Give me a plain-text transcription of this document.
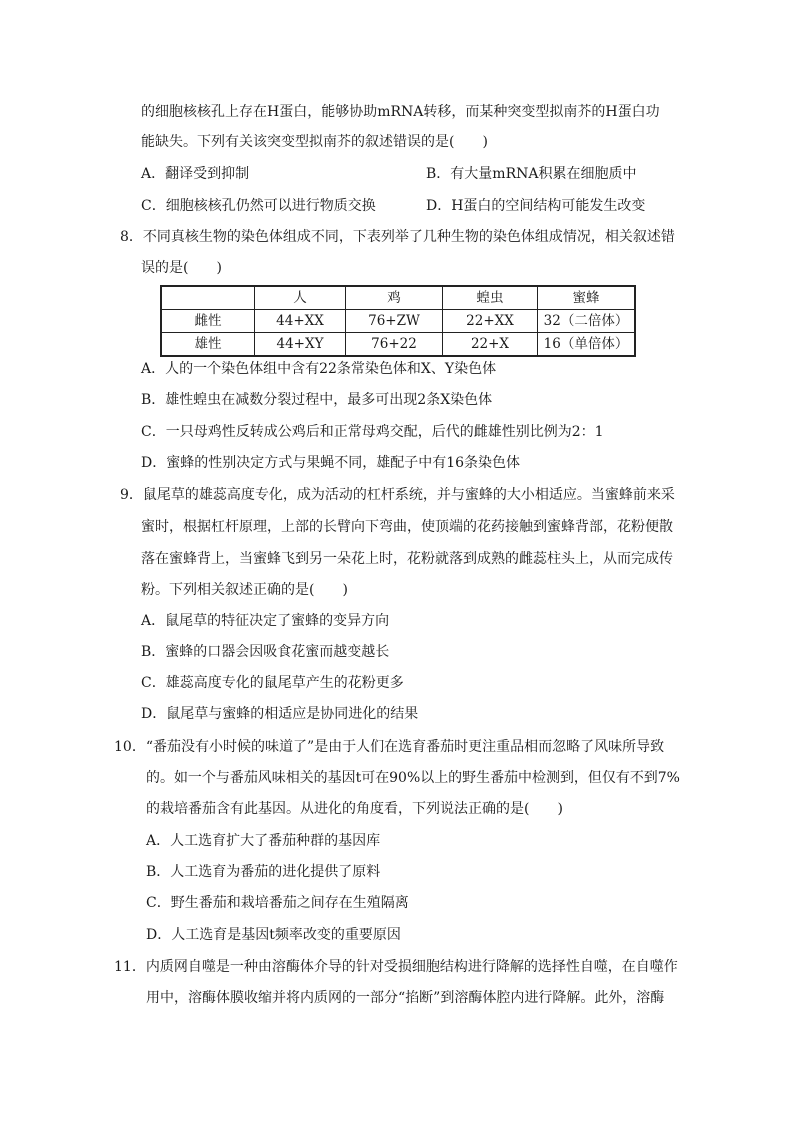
的细胞核核孔上存在H蛋白，能够协助mRNA转移，而某种突变型拟南芥的H蛋白功
能缺失。下列有关该突变型拟南芥的叙述错误的是(　　)
A．翻译受到抑制	B．有大量mRNA积累在细胞质中
C．细胞核核孔仍然可以进行物质交换	D．H蛋白的空间结构可能发生改变
8．不同真核生物的染色体组成不同，下表列举了几种生物的染色体组成情况，相关叙述错
误的是(　　)
	人	鸡	蝗虫	蜜蜂
雌性	44+XX	76+ZW	22+XX	32（二倍体）
雄性	44+XY	76+22	22+X	16（单倍体）
A．人的一个染色体组中含有22条常染色体和X、Y染色体
B．雄性蝗虫在减数分裂过程中，最多可出现2条X染色体
C．一只母鸡性反转成公鸡后和正常母鸡交配，后代的雌雄性别比例为2：1
D．蜜蜂的性别决定方式与果蝇不同，雄配子中有16条染色体
9．鼠尾草的雄蕊高度专化，成为活动的杠杆系统，并与蜜蜂的大小相适应。当蜜蜂前来采
蜜时，根据杠杆原理，上部的长臂向下弯曲，使顶端的花药接触到蜜蜂背部，花粉便散
落在蜜蜂背上，当蜜蜂飞到另一朵花上时，花粉就落到成熟的雌蕊柱头上，从而完成传
粉。下列相关叙述正确的是(　　)
A．鼠尾草的特征决定了蜜蜂的变异方向
B．蜜蜂的口器会因吸食花蜜而越变越长
C．雄蕊高度专化的鼠尾草产生的花粉更多
D．鼠尾草与蜜蜂的相适应是协同进化的结果
10．“番茄没有小时候的味道了”是由于人们在选育番茄时更注重品相而忽略了风味所导致
的。如一个与番茄风味相关的基因t可在90%以上的野生番茄中检测到，但仅有不到7%
的栽培番茄含有此基因。从进化的角度看，下列说法正确的是(　　)
A．人工选育扩大了番茄种群的基因库
B．人工选育为番茄的进化提供了原料
C．野生番茄和栽培番茄之间存在生殖隔离
D．人工选育是基因t频率改变的重要原因
11．内质网自噬是一种由溶酶体介导的针对受损细胞结构进行降解的选择性自噬，在自噬作
用中，溶酶体膜收缩并将内质网的一部分“掐断”到溶酶体腔内进行降解。此外，溶酶
